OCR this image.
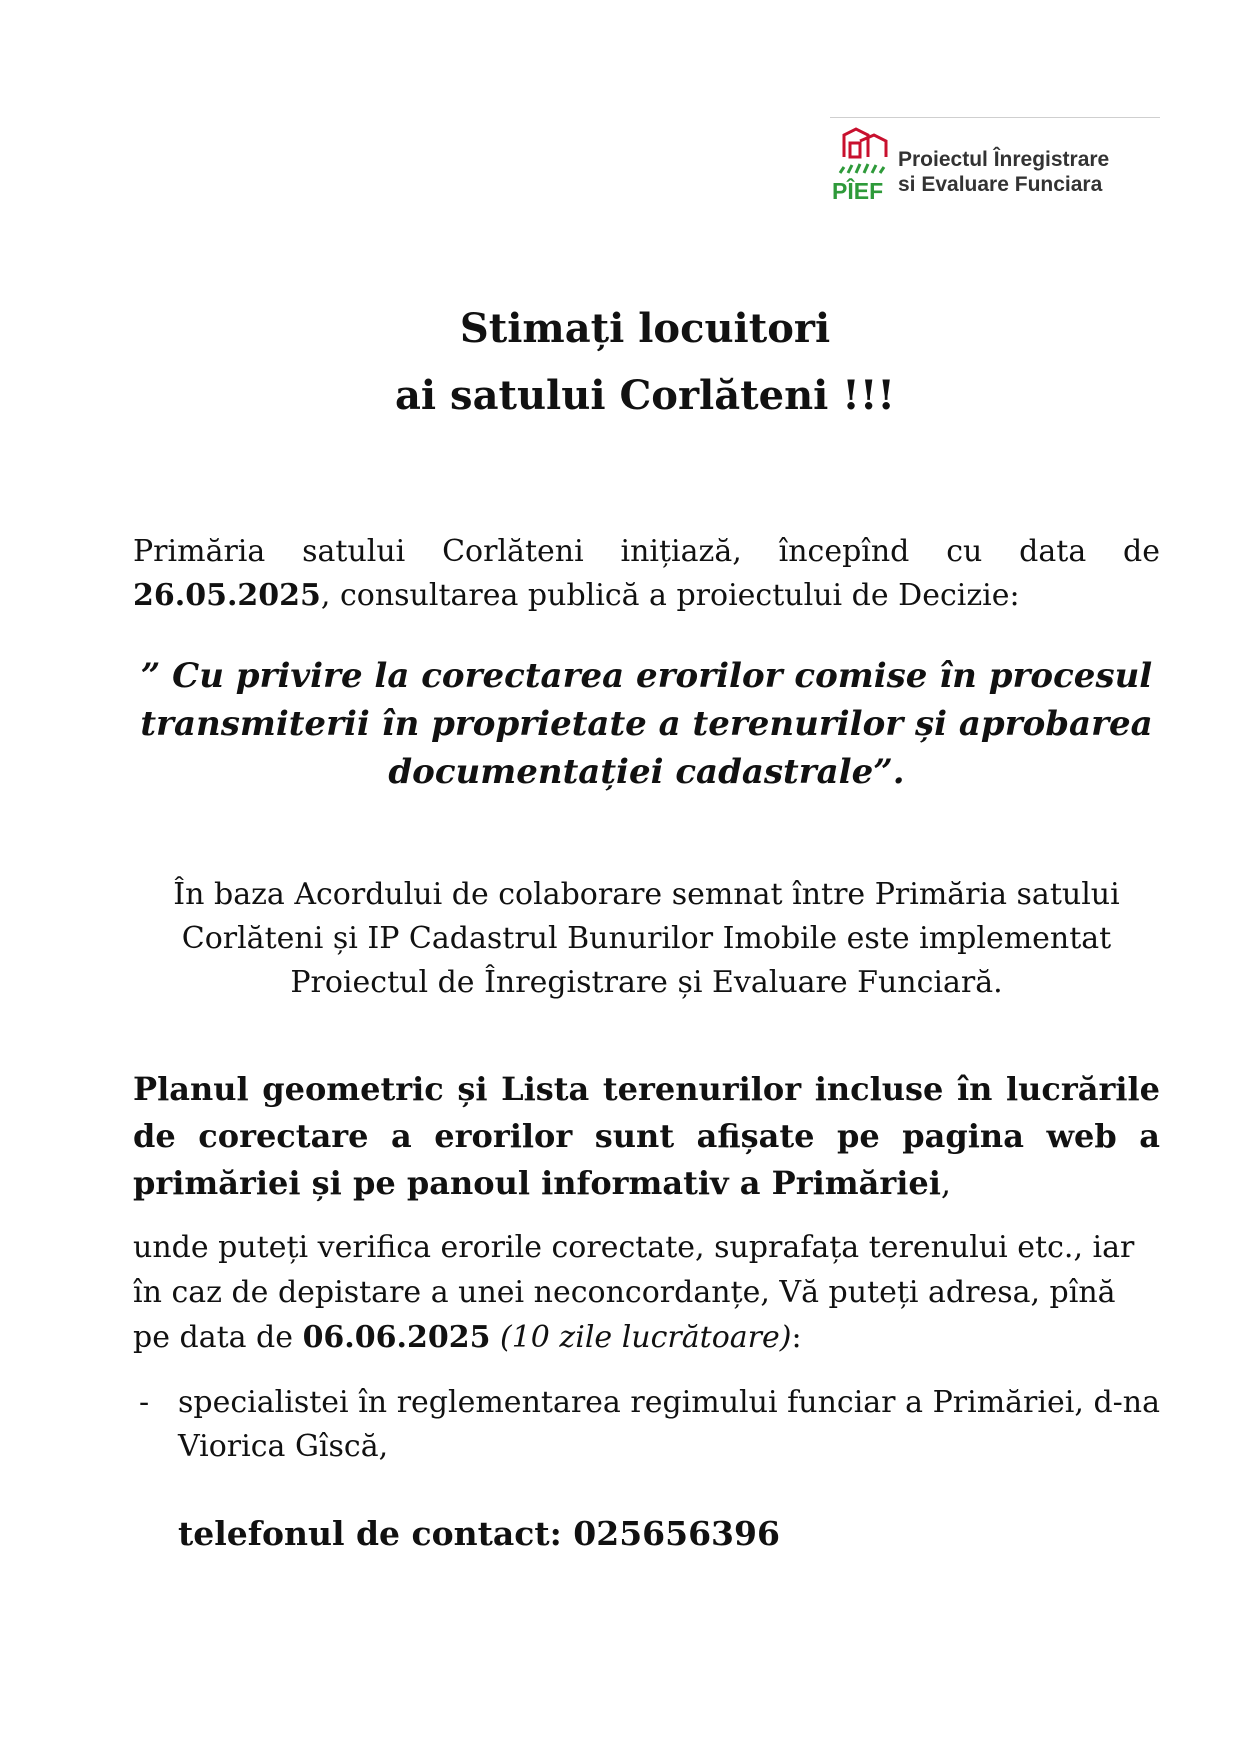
PÎEF
Proiectul Înregistrare
si Evaluare Funciara
Stimați locuitori
ai satului Corlăteni !!!
Primăria satului Corlăteni inițiază, începînd cu data de 26.05.2025, consultarea publică a proiectului de Decizie:
” Cu privire la corectarea erorilor comise în procesul transmiterii în proprietate a terenurilor și aprobarea documentației cadastrale”.
În baza Acordului de colaborare semnat între Primăria satului Corlăteni și IP Cadastrul Bunurilor Imobile este implementat Proiectul de Înregistrare și Evaluare Funciară.
Planul geometric și Lista terenurilor incluse în lucrările de corectare a erorilor sunt afișate pe pagina web a primăriei și pe panoul informativ a Primăriei,
unde puteți verifica erorile corectate, suprafața terenului etc., iar în caz de depistare a unei neconcordanțe, Vă puteți adresa, pînă pe data de 06.06.2025 (10 zile lucrătoare):
- specialistei în reglementarea regimului funciar a Primăriei, d-na Viorica Gîscă,
telefonul de contact: 025656396
